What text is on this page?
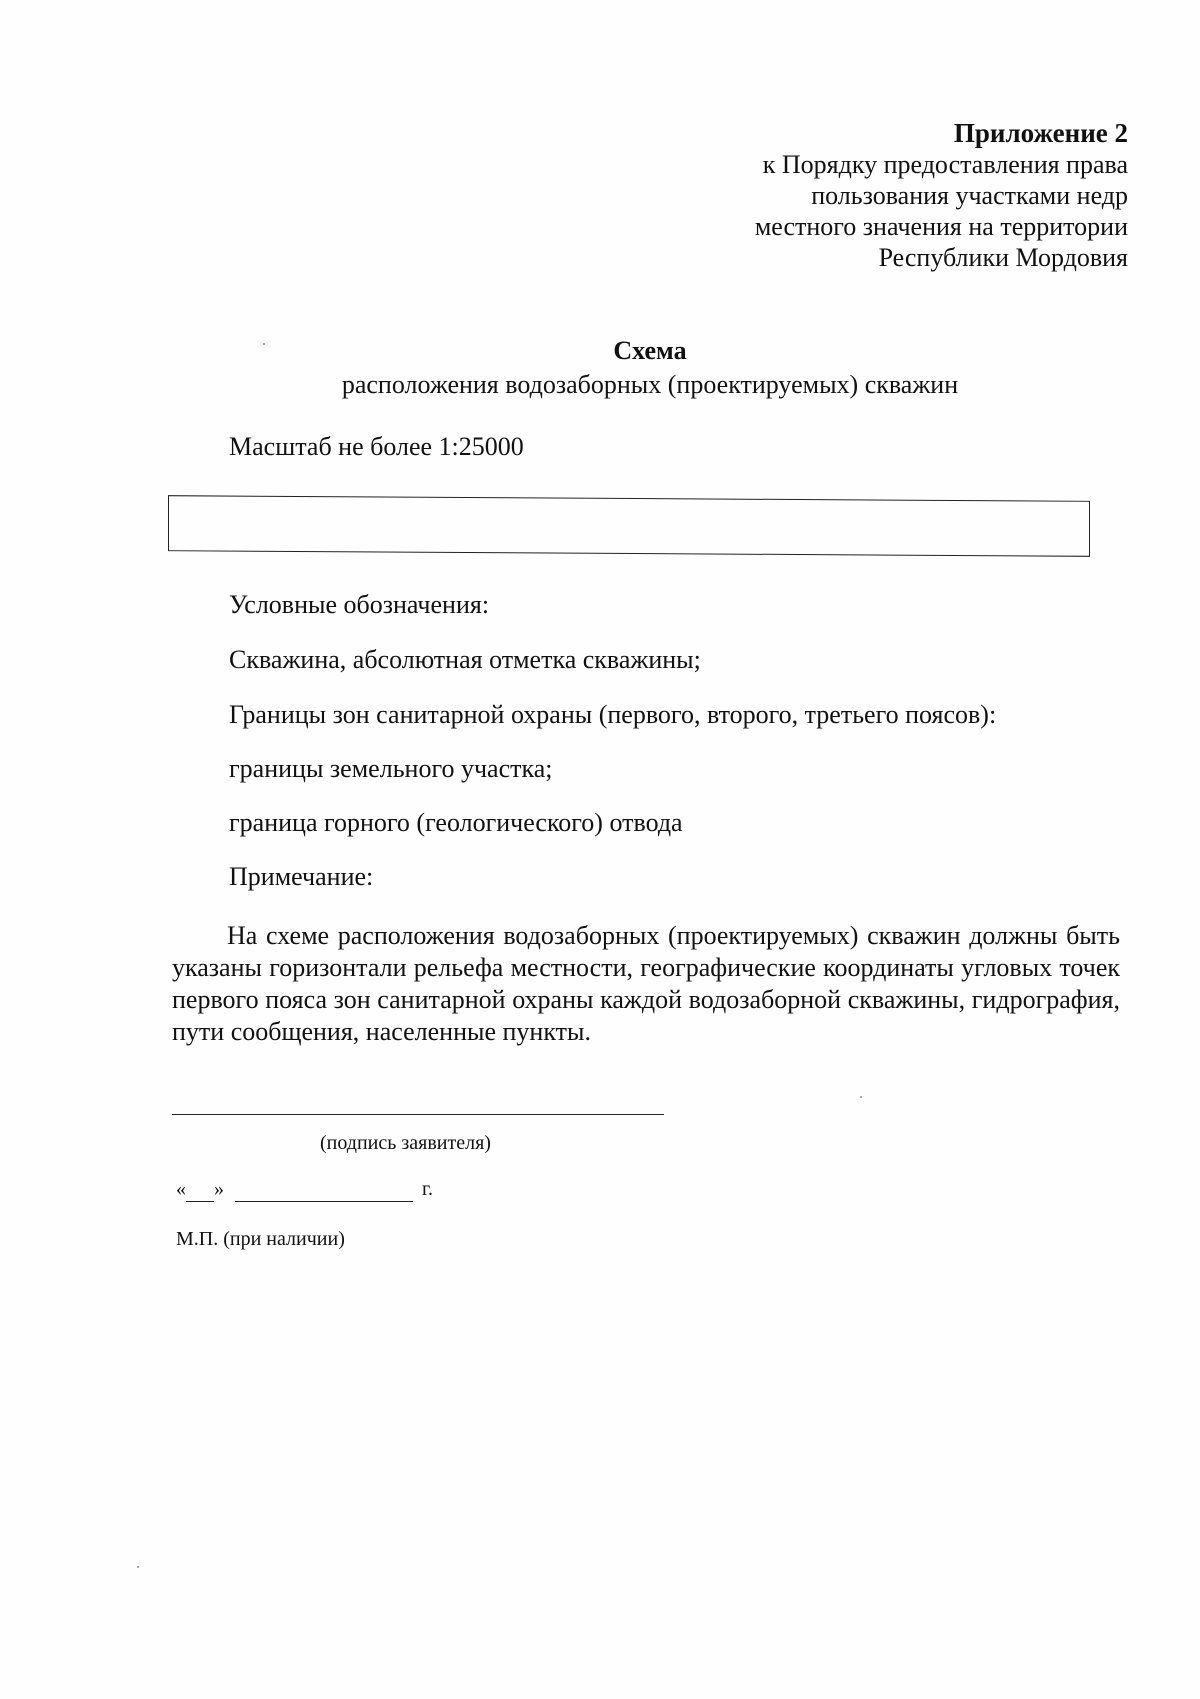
Приложение 2
к Порядку предоставления права
пользования участками недр
местного значения на территории
Республики Мордовия
Схема
расположения водозаборных (проектируемых) скважин
Масштаб не более 1:25000
Условные обозначения:
Скважина, абсолютная отметка скважины;
Границы зон санитарной охраны (первого, второго, третьего поясов):
границы земельного участка;
граница горного (геологического) отвода
Примечание:
На схеме расположения водозаборных (проектируемых) скважин должны быть указаны горизонтали рельефа местности, географические координаты угловых точек первого пояса зон санитарной охраны каждой водозаборной скважины, гидрография, пути сообщения, населенные пункты.
(подпись заявителя)
« »	г.
М.П. (при наличии)
